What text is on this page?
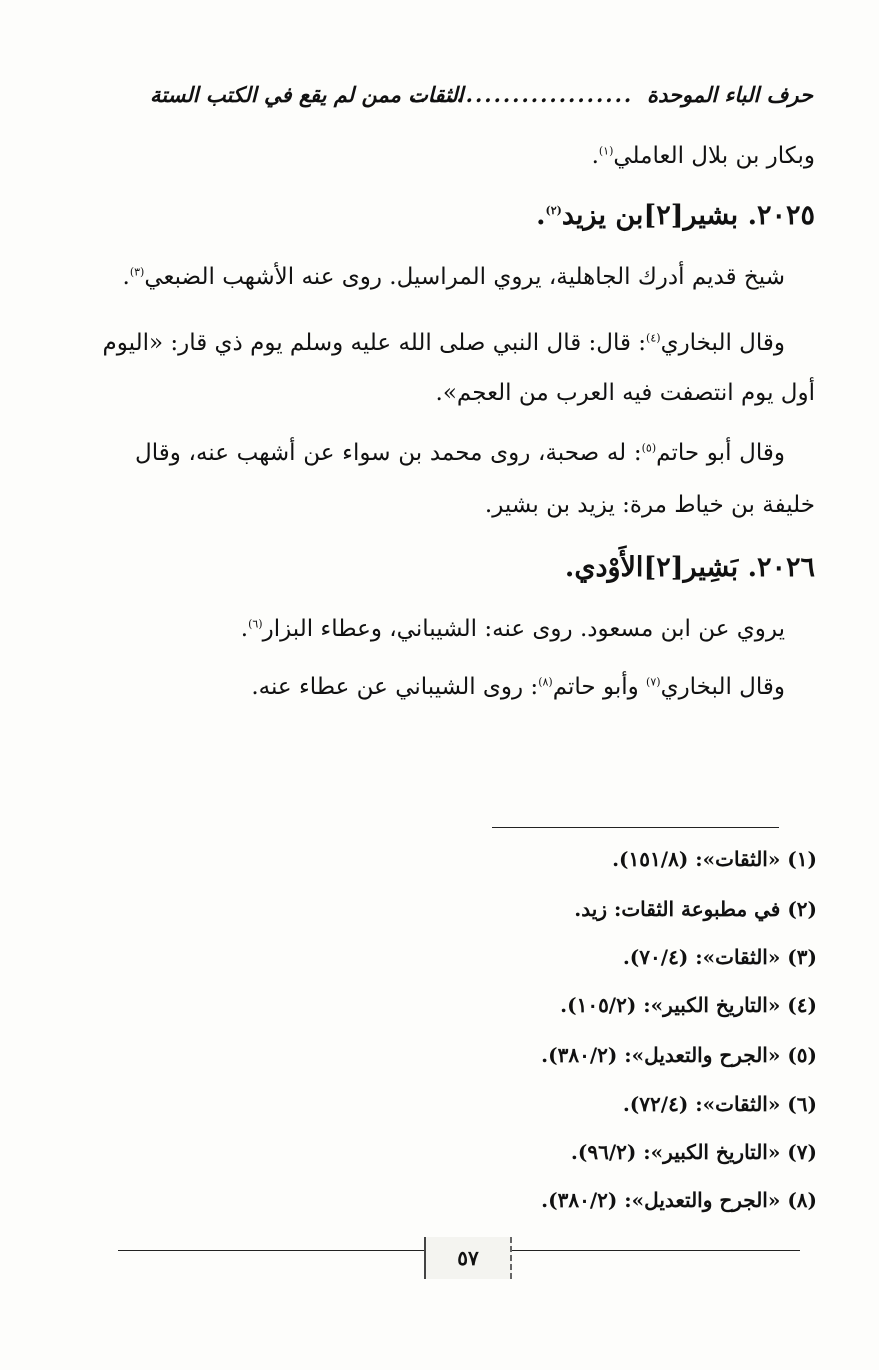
حرف الباء الموحدة
........................
الثقات ممن لم يقع في الكتب الستة
وبكار بن بلال العاملي$^{(١)}$.
٢٠٢٥. بشير[٢]بن يزيد$^{(٢)}$.
شيخ قديم أدرك الجاهلية، يروي المراسيل. روى عنه الأشهب الضبعي$^{(٣)}$.
وقال البخاري$^{(٤)}$: قال: قال النبي صلى الله عليه وسلم يوم ذي قار: «اليوم
أول يوم انتصفت فيه العرب من العجم».
وقال أبو حاتم$^{(٥)}$: له صحبة، روى محمد بن سواء عن أشهب عنه، وقال
خليفة بن خياط مرة: يزيد بن بشير.
٢٠٢٦. بَشِير[٢]الأَوْدي.
يروي عن ابن مسعود. روى عنه: الشيباني، وعطاء البزار$^{(٦)}$.
وقال البخاري$^{(٧)}$ وأبو حاتم$^{(٨)}$: روى الشيباني عن عطاء عنه.
(١) «الثقات»: (١٥١/٨).
(٢) في مطبوعة الثقات: زيد.
(٣) «الثقات»: (٧٠/٤).
(٤) «التاريخ الكبير»: (١٠٥/٢).
(٥) «الجرح والتعديل»: (٣٨٠/٢).
(٦) «الثقات»: (٧٢/٤).
(٧) «التاريخ الكبير»: (٩٦/٢).
(٨) «الجرح والتعديل»: (٣٨٠/٢).
٥٧
